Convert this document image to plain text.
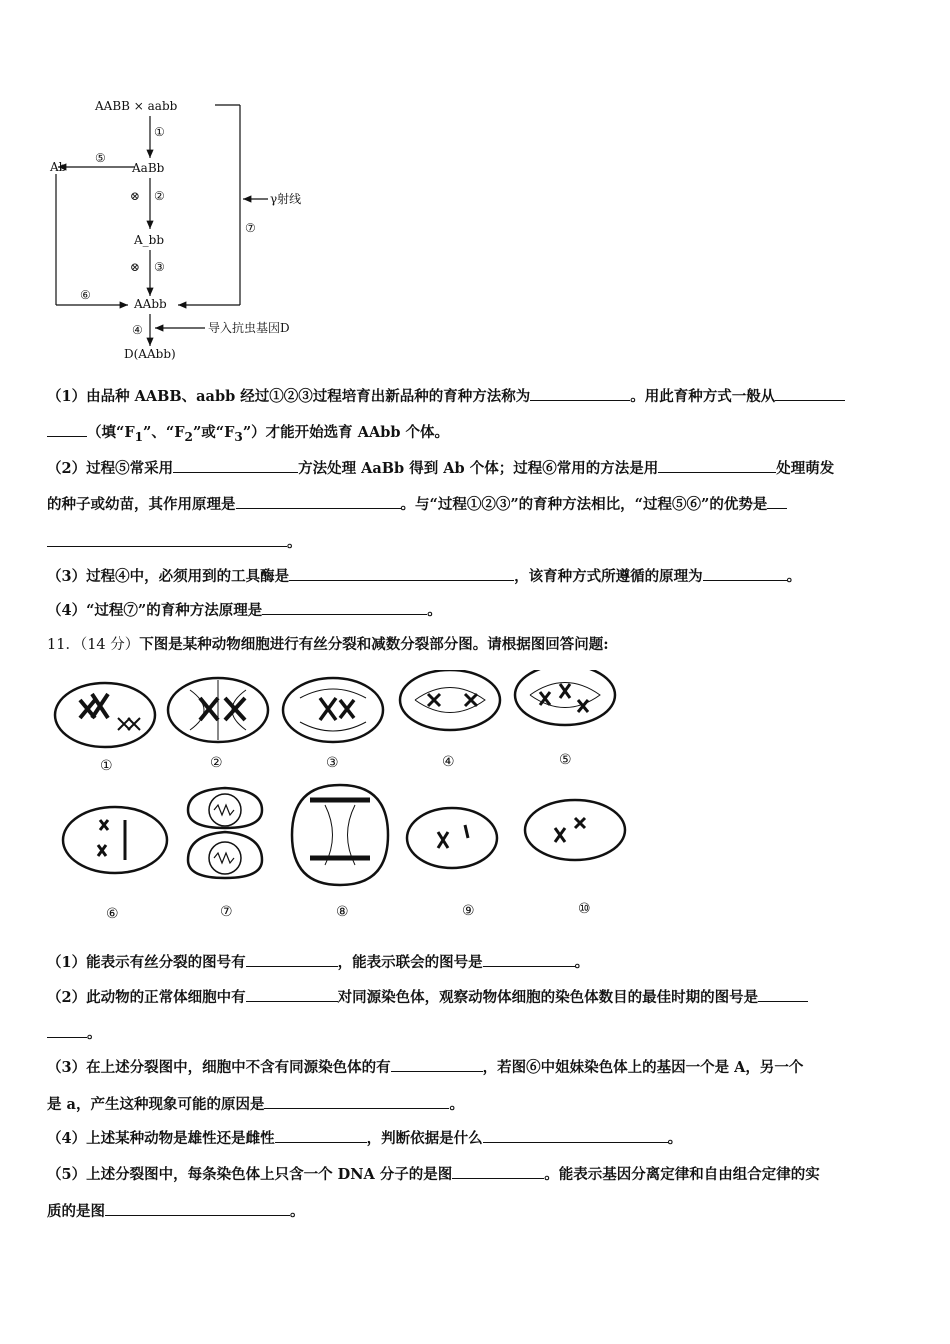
AABB × aabb
⑦
γ射线
①
AaBb
⑤
Ab
⊗ ②
A_bb
⊗ ③
AAbb
⑥
④	导入抗虫基因D
D(AAbb)
（1）由品种 AABB、aabb 经过①②③过程培育出新品种的育种方法称为	。用此育种方式一般从
（填“$F_1$”、“$F_2$”或“$F_3$”）才能开始选育 AAbb 个体。
（2）过程⑤常采用	方法处理 AaBb 得到 Ab 个体；过程⑥常用的方法是用	处理萌发
的种子或幼苗，其作用原理是	。与“过程①②③”的育种方法相比，“过程⑤⑥”的优势是
。
（3）过程④中，必须用到的工具酶是	，该育种方式所遵循的原理为	。
（4）“过程⑦”的育种方法原理是	。
11．（14 分）下图是某种动物细胞进行有丝分裂和减数分裂部分图。请根据图回答问题:
①	②	③	④	⑤
⑥	⑦	⑧	⑨	⑩
（1）能表示有丝分裂的图号有	，能表示联会的图号是	。
（2）此动物的正常体细胞中有	对同源染色体，观察动物体细胞的染色体数目的最佳时期的图号是
。
（3）在上述分裂图中，细胞中不含有同源染色体的有	，若图⑥中姐妹染色体上的基因一个是 A，另一个
是 a，产生这种现象可能的原因是	。
（4）上述某种动物是雄性还是雌性	，判断依据是什么	。
（5）上述分裂图中，每条染色体上只含一个 DNA 分子的是图	。能表示基因分离定律和自由组合定律的实
质的是图	。
